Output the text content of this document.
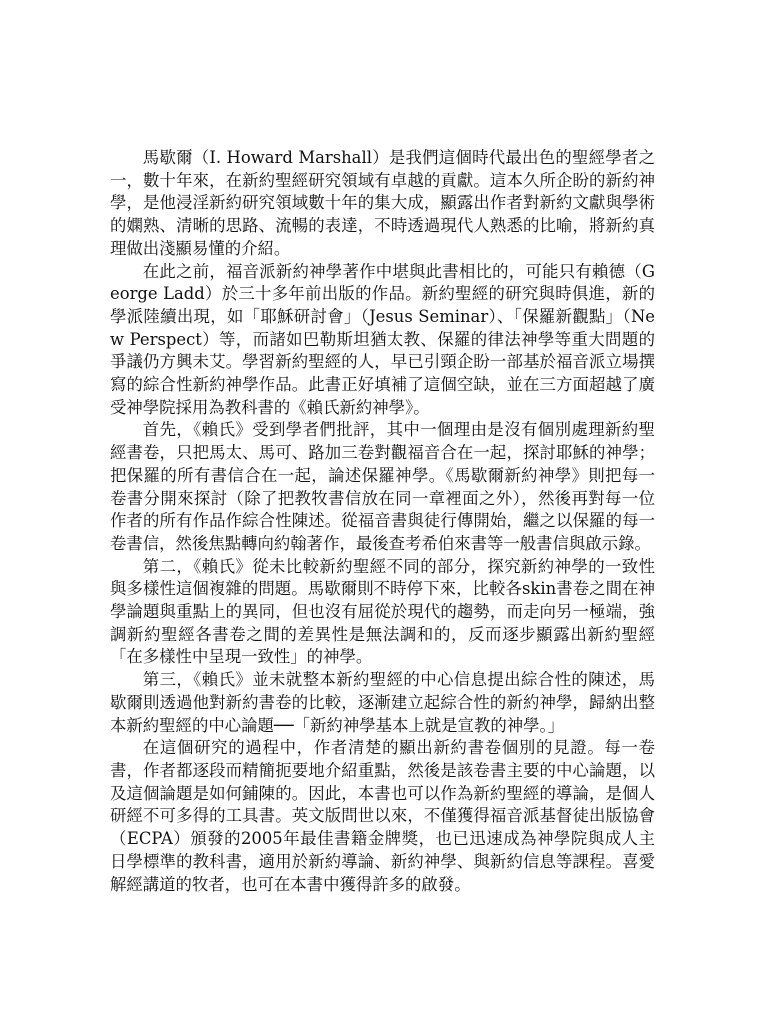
馬歇爾（I. Howard Marshall）是我們這個時代最出色的聖經學者之一，數十年來，在新約聖經研究領域有卓越的貢獻。這本久所企盼的新約神學，是他浸淫新約研究領域數十年的集大成，顯露出作者對新約文獻與學術的嫻熟、清晰的思路、流暢的表達，不時透過現代人熟悉的比喻，將新約真理做出淺顯易懂的介紹。

在此之前，福音派新約神學著作中堪與此書相比的，可能只有賴德（George Ladd）於三十多年前出版的作品。新約聖經的研究與時俱進，新的學派陸續出現，如「耶穌研討會」（Jesus Seminar）、「保羅新觀點」（New Perspect）等，而諸如巴勒斯坦猶太教、保羅的律法神學等重大問題的爭議仍方興未艾。學習新約聖經的人，早已引頸企盼一部基於福音派立場撰寫的綜合性新約神學作品。此書正好填補了這個空缺，並在三方面超越了廣受神學院採用為教科書的《賴氏新約神學》。

首先，《賴氏》受到學者們批評，其中一個理由是沒有個別處理新約聖經書卷，只把馬太、馬可、路加三卷對觀福音合在一起，探討耶穌的神學；把保羅的所有書信合在一起，論述保羅神學。《馬歇爾新約神學》則把每一卷書分開來探討（除了把教牧書信放在同一章裡面之外），然後再對每一位作者的所有作品作綜合性陳述。從福音書與徒行傳開始，繼之以保羅的每一卷書信，然後焦點轉向約翰著作，最後查考希伯來書等一般書信與啟示錄。

第二，《賴氏》從未比較新約聖經不同的部分，探究新約神學的一致性與多樣性這個複雜的問題。馬歇爾則不時停下來，比較各skin書卷之間在神學論題與重點上的異同，但也沒有屈從於現代的趨勢，而走向另一極端，強調新約聖經各書卷之間的差異性是無法調和的，反而逐步顯露出新約聖經「在多樣性中呈現一致性」的神學。

第三，《賴氏》並未就整本新約聖經的中心信息提出綜合性的陳述，馬歇爾則透過他對新約書卷的比較，逐漸建立起綜合性的新約神學，歸納出整本新約聖經的中心論題──「新約神學基本上就是宣教的神學。」

在這個研究的過程中，作者清楚的顯出新約書卷個別的見證。每一卷書，作者都逐段而精簡扼要地介紹重點，然後是該卷書主要的中心論題，以及這個論題是如何鋪陳的。因此，本書也可以作為新約聖經的導論，是個人研經不可多得的工具書。英文版問世以來，不僅獲得福音派基督徒出版協會（ECPA）頒發的2005年最佳書籍金牌獎，也已迅速成為神學院與成人主日學標準的教科書，適用於新約導論、新約神學、與新約信息等課程。喜愛解經講道的牧者，也可在本書中獲得許多的啟發。
